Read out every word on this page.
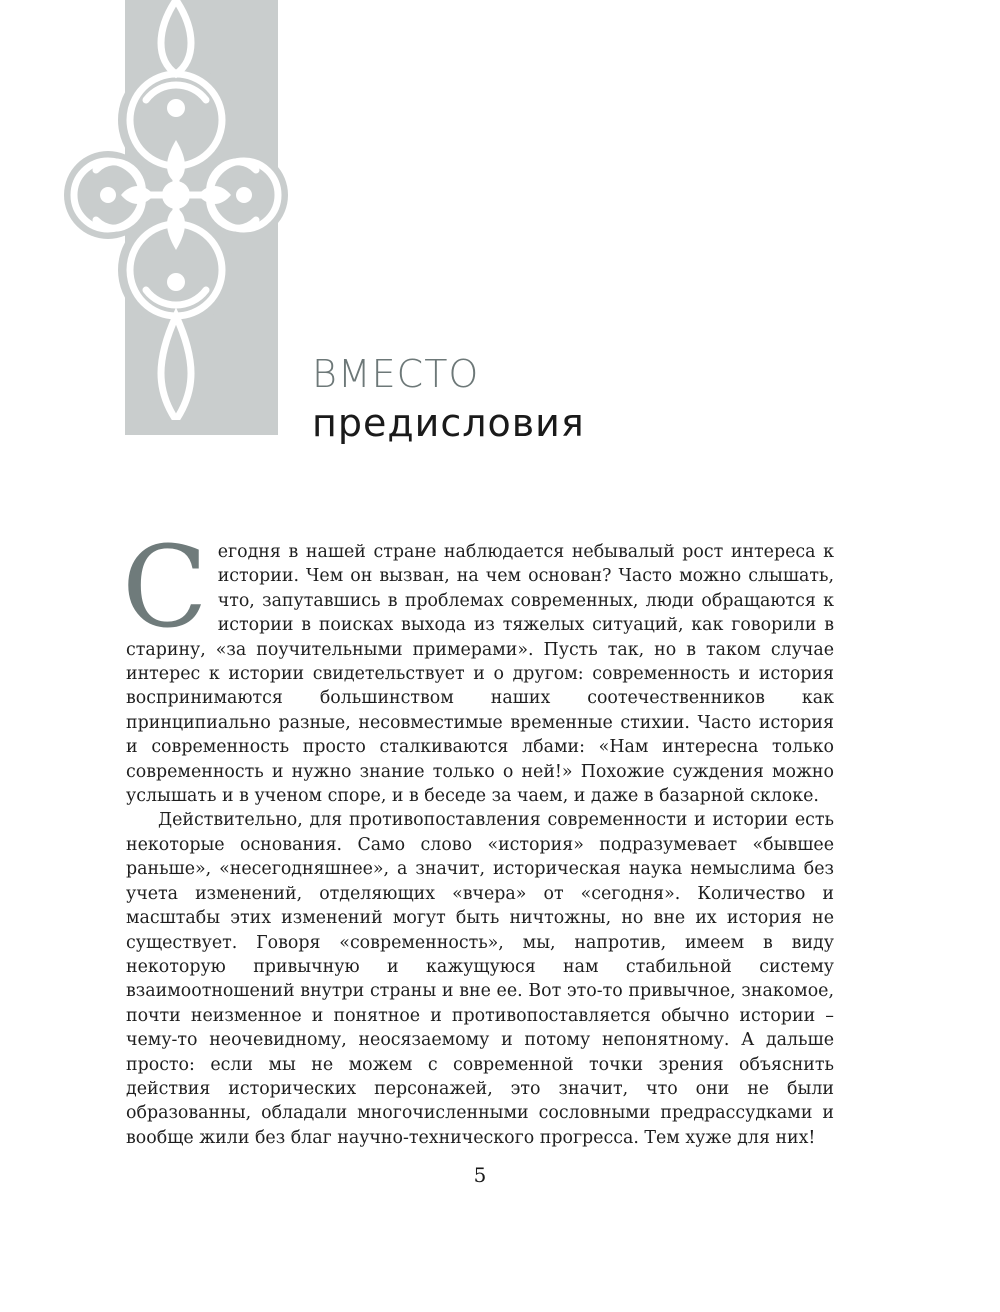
ВМЕСТО
предисловия

Сегодня в нашей стране наблюдается небывалый рост интереса к истории. Чем он вызван, на чем основан? Часто можно слышать, что, запутавшись в проблемах современных, люди обращаются к истории в поисках выхода из тяжелых ситуаций, как говорили в старину, «за поучительными примерами». Пусть так, но в таком случае интерес к истории свидетельствует и о другом: современность и история воспринимаются большинством наших соотечественников как принципиально разные, несовместимые временные стихии. Часто история и современность просто сталкиваются лбами: «Нам интересна только современность и нужно знание только о ней!» Похожие суждения можно услышать и в ученом споре, и в беседе за чаем, и даже в базарной склоке.

Действительно, для противопоставления современности и истории есть некоторые основания. Само слово «история» подразумевает «бывшее раньше», «несегодняшнее», а значит, историческая наука немыслима без учета изменений, отделяющих «вчера» от «сегодня». Количество и масштабы этих изменений могут быть ничтожны, но вне их история не существует. Говоря «современность», мы, напротив, имеем в виду некоторую привычную и кажущуюся нам стабильной систему взаимоотношений внутри страны и вне ее. Вот это-то привычное, знакомое, почти неизменное и понятное и противопоставляется обычно истории – чему-то неочевидному, неосязаемому и потому непонятному. А дальше просто: если мы не можем с современной точки зрения объяснить действия исторических персонажей, это значит, что они не были образованны, обладали многочисленными сословными предрассудками и вообще жили без благ научно-технического прогресса. Тем хуже для них!

5
